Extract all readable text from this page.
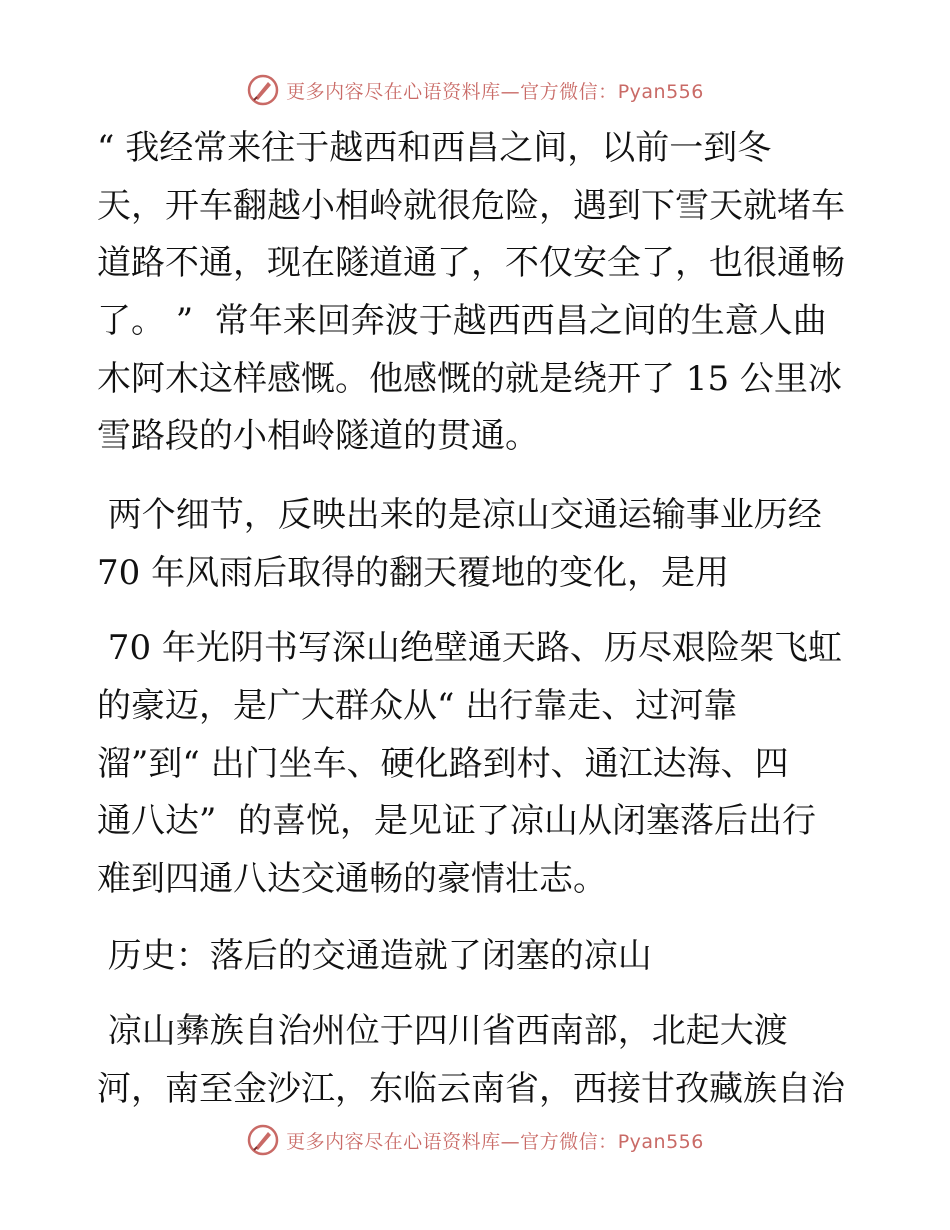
更多内容尽在心语资料库—官方微信：Pyan556
“ 我经常来往于越西和西昌之间，以前一到冬
天，开车翻越小相岭就很危险，遇到下雪天就堵车
道路不通，现在隧道通了，不仅安全了，也很通畅
了。 ”  常年来回奔波于越西西昌之间的生意人曲
木阿木这样感慨。他感慨的就是绕开了 15 公里冰
雪路段的小相岭隧道的贯通。
两个细节，反映出来的是凉山交通运输事业历经
70 年风雨后取得的翻天覆地的变化，是用
70 年光阴书写深山绝壁通天路、历尽艰险架飞虹
的豪迈，是广大群众从“ 出行靠走、过河靠
溜”到“ 出门坐车、硬化路到村、通江达海、四
通八达”  的喜悦，是见证了凉山从闭塞落后出行
难到四通八达交通畅的豪情壮志。
历史：落后的交通造就了闭塞的凉山
凉山彝族自治州位于四川省西南部，北起大渡
河，南至金沙江，东临云南省，西接甘孜藏族自治
更多内容尽在心语资料库—官方微信：Pyan556
